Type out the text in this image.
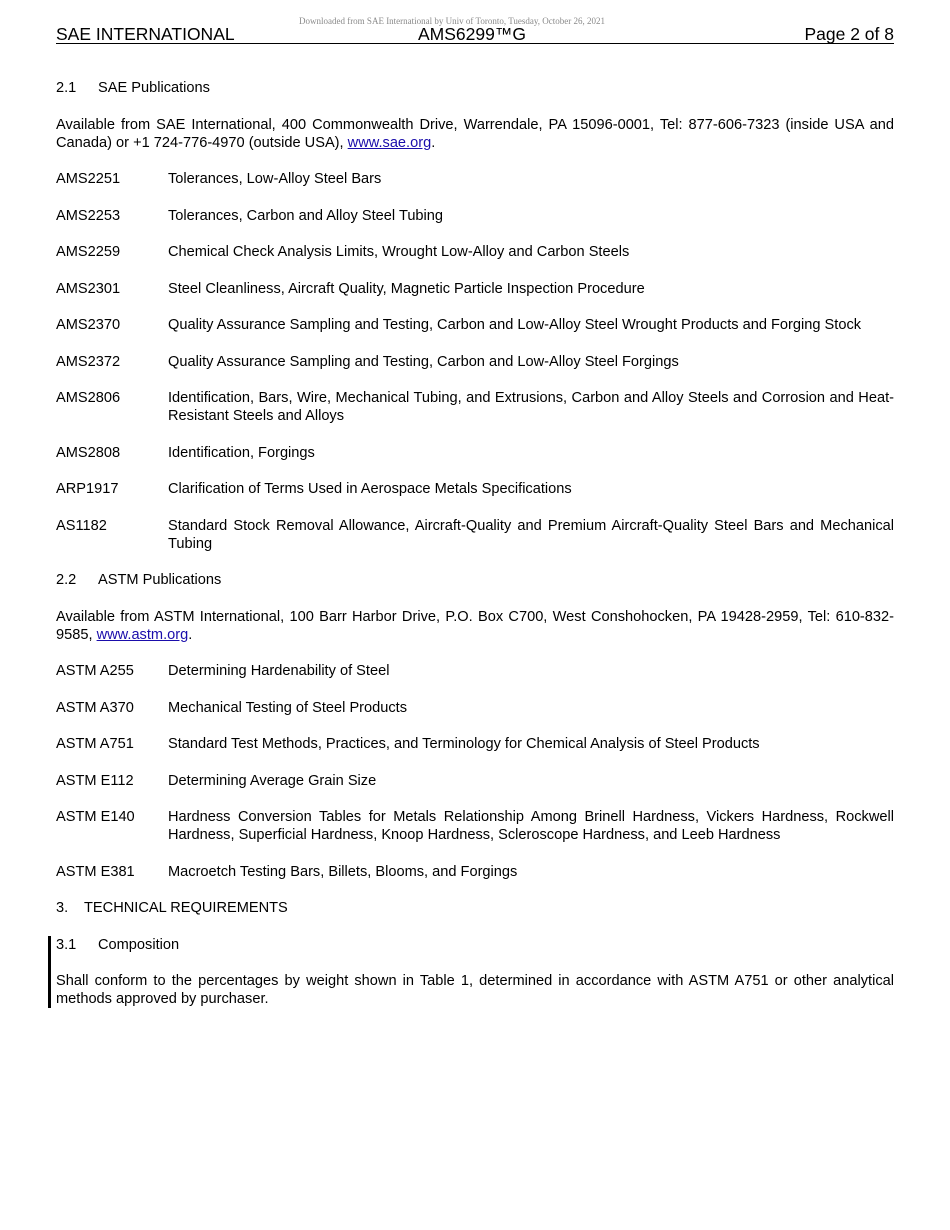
Downloaded from SAE International by Univ of Toronto, Tuesday, October 26, 2021
SAE INTERNATIONAL	AMS6299™G	Page 2 of 8
2.1 SAE Publications
Available from SAE International, 400 Commonwealth Drive, Warrendale, PA 15096-0001, Tel: 877-606-7323 (inside USA and Canada) or +1 724-776-4970 (outside USA), www.sae.org.
AMS2251	Tolerances, Low-Alloy Steel Bars
AMS2253	Tolerances, Carbon and Alloy Steel Tubing
AMS2259	Chemical Check Analysis Limits, Wrought Low-Alloy and Carbon Steels
AMS2301	Steel Cleanliness, Aircraft Quality, Magnetic Particle Inspection Procedure
AMS2370	Quality Assurance Sampling and Testing, Carbon and Low-Alloy Steel Wrought Products and Forging Stock
AMS2372	Quality Assurance Sampling and Testing, Carbon and Low-Alloy Steel Forgings
AMS2806	Identification, Bars, Wire, Mechanical Tubing, and Extrusions, Carbon and Alloy Steels and Corrosion and Heat-Resistant Steels and Alloys
AMS2808	Identification, Forgings
ARP1917	Clarification of Terms Used in Aerospace Metals Specifications
AS1182	Standard Stock Removal Allowance, Aircraft-Quality and Premium Aircraft-Quality Steel Bars and Mechanical Tubing
2.2 ASTM Publications
Available from ASTM International, 100 Barr Harbor Drive, P.O. Box C700, West Conshohocken, PA 19428-2959, Tel: 610-832-9585, www.astm.org.
ASTM A255	Determining Hardenability of Steel
ASTM A370	Mechanical Testing of Steel Products
ASTM A751	Standard Test Methods, Practices, and Terminology for Chemical Analysis of Steel Products
ASTM E112	Determining Average Grain Size
ASTM E140	Hardness Conversion Tables for Metals Relationship Among Brinell Hardness, Vickers Hardness, Rockwell Hardness, Superficial Hardness, Knoop Hardness, Scleroscope Hardness, and Leeb Hardness
ASTM E381	Macroetch Testing Bars, Billets, Blooms, and Forgings
3. TECHNICAL REQUIREMENTS
3.1 Composition
Shall conform to the percentages by weight shown in Table 1, determined in accordance with ASTM A751 or other analytical methods approved by purchaser.
